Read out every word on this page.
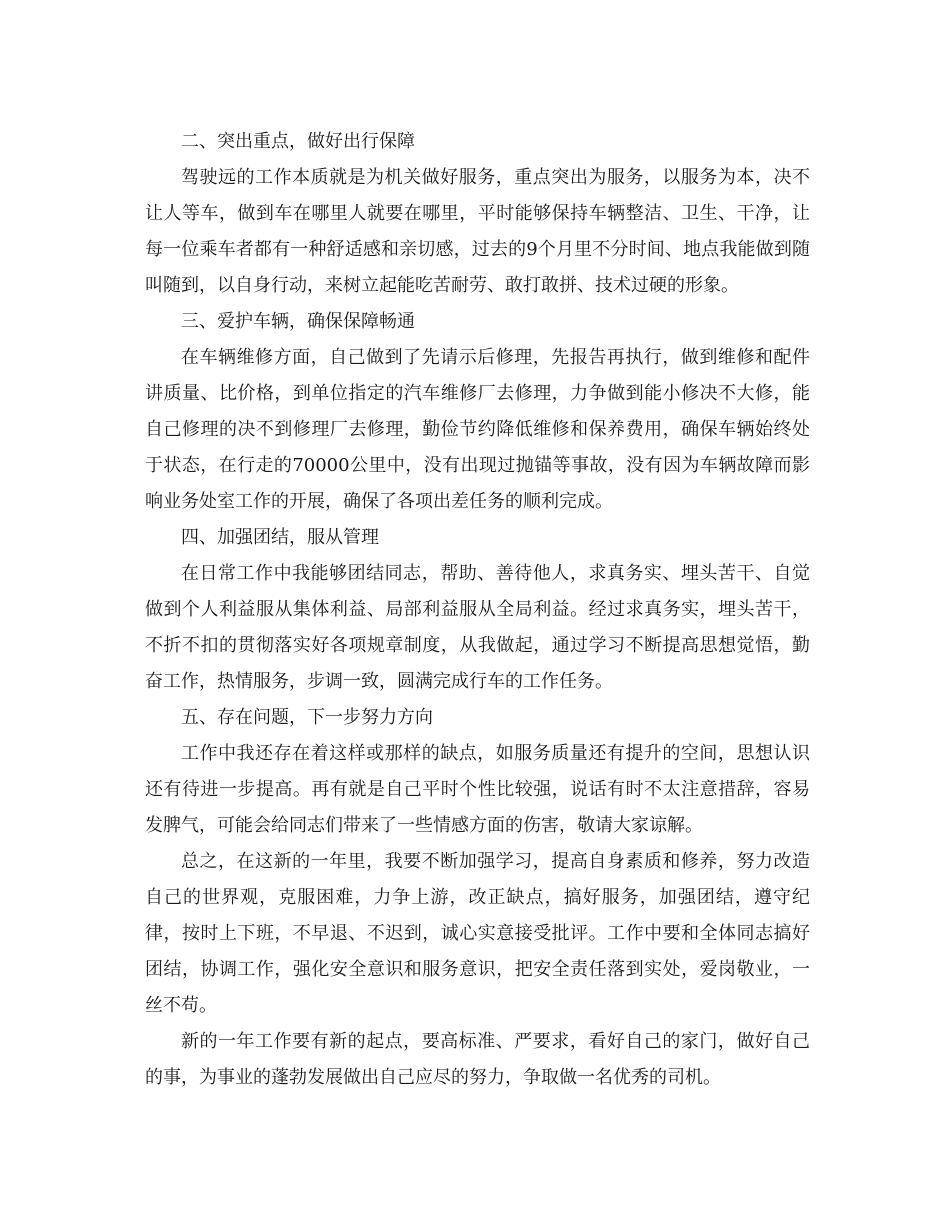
二、突出重点，做好出行保障

驾驶远的工作本质就是为机关做好服务，重点突出为服务，以服务为本，决不让人等车，做到车在哪里人就要在哪里，平时能够保持车辆整洁、卫生、干净，让每一位乘车者都有一种舒适感和亲切感，过去的9个月里不分时间、地点我能做到随叫随到，以自身行动，来树立起能吃苦耐劳、敢打敢拼、技术过硬的形象。

三、爱护车辆，确保保障畅通

在车辆维修方面，自己做到了先请示后修理，先报告再执行，做到维修和配件讲质量、比价格，到单位指定的汽车维修厂去修理，力争做到能小修决不大修，能自己修理的决不到修理厂去修理，勤俭节约降低维修和保养费用，确保车辆始终处于状态，在行走的70000公里中，没有出现过抛锚等事故，没有因为车辆故障而影响业务处室工作的开展，确保了各项出差任务的顺利完成。

四、加强团结，服从管理

在日常工作中我能够团结同志，帮助、善待他人，求真务实、埋头苦干、自觉做到个人利益服从集体利益、局部利益服从全局利益。经过求真务实，埋头苦干，不折不扣的贯彻落实好各项规章制度，从我做起，通过学习不断提高思想觉悟，勤奋工作，热情服务，步调一致，圆满完成行车的工作任务。

五、存在问题，下一步努力方向

工作中我还存在着这样或那样的缺点，如服务质量还有提升的空间，思想认识还有待进一步提高。再有就是自己平时个性比较强，说话有时不太注意措辞，容易发脾气，可能会给同志们带来了一些情感方面的伤害，敬请大家谅解。

总之，在这新的一年里，我要不断加强学习，提高自身素质和修养，努力改造自己的世界观，克服困难，力争上游，改正缺点，搞好服务，加强团结，遵守纪律，按时上下班，不早退、不迟到，诚心实意接受批评。工作中要和全体同志搞好团结，协调工作，强化安全意识和服务意识，把安全责任落到实处，爱岗敬业，一丝不苟。

新的一年工作要有新的起点，要高标准、严要求，看好自己的家门，做好自己的事，为事业的蓬勃发展做出自己应尽的努力，争取做一名优秀的司机。
